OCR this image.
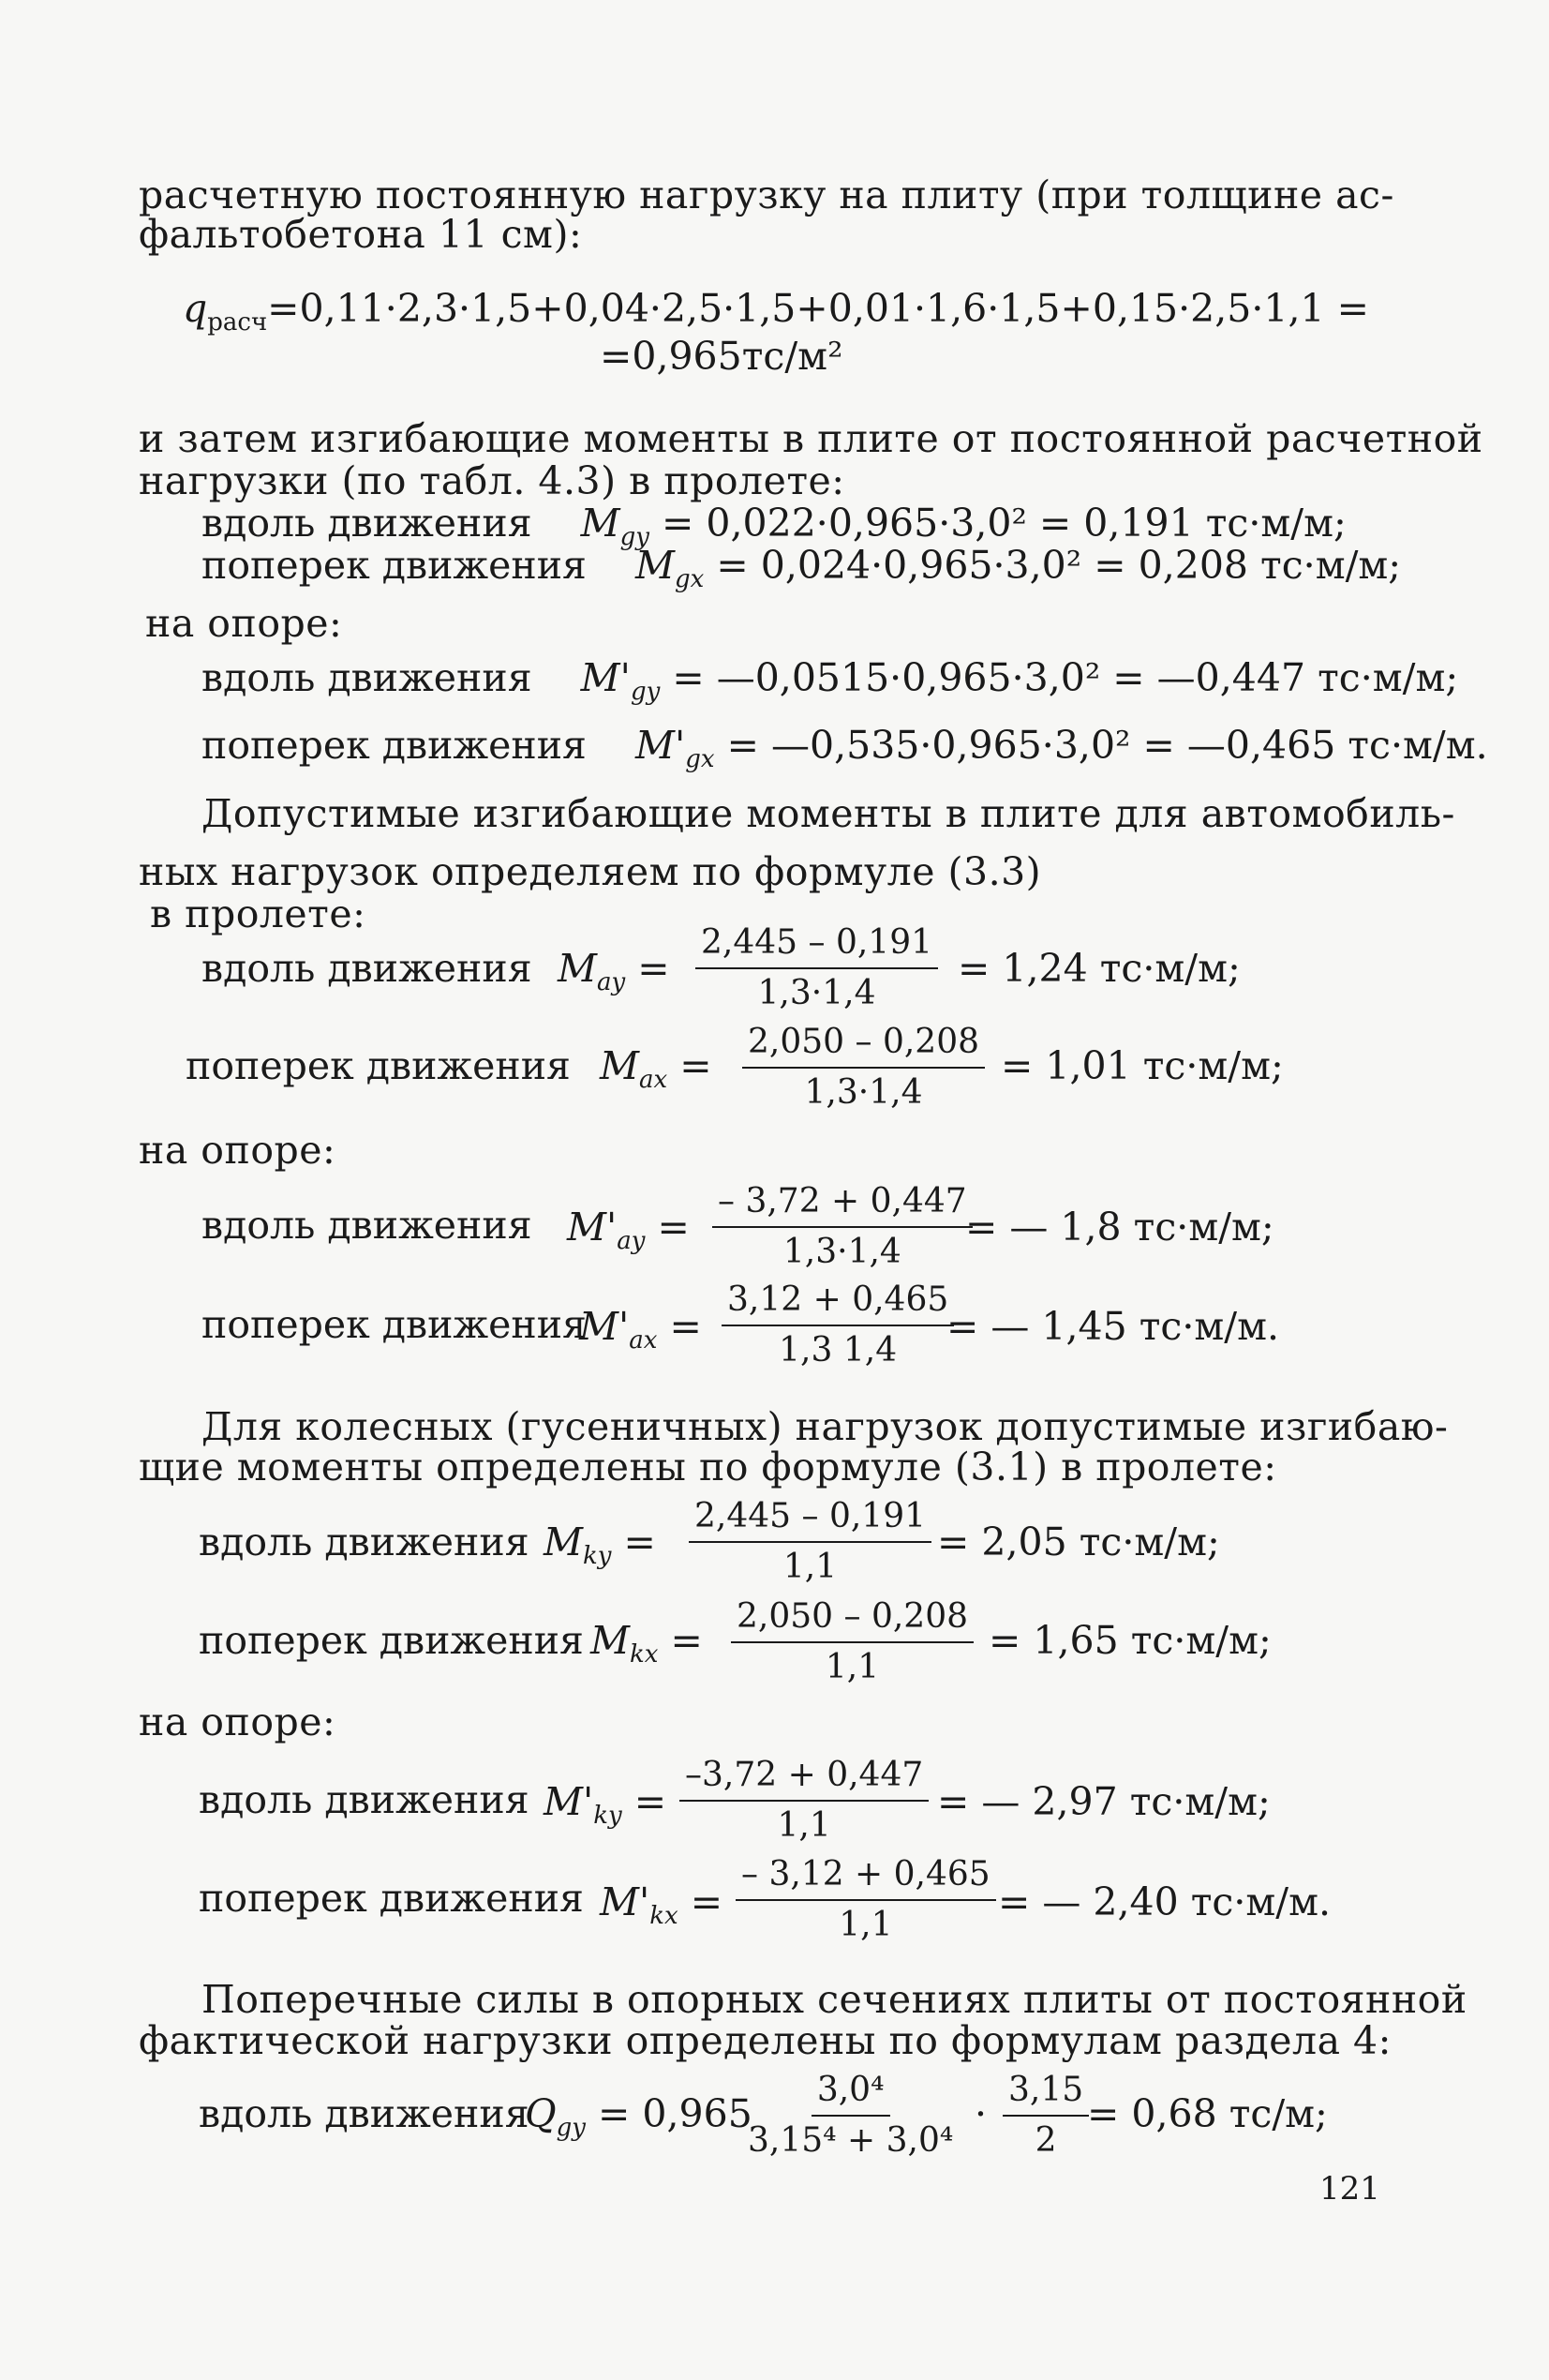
расчетную постоянную нагрузку на плиту (при толщине ас-
фальтобетона 11 см):
$q_{расч}=0,11\cdot 2,3\cdot 1,5+0,04\cdot 2,5\cdot 1,5+0,01\cdot 1,6\cdot 1,5+0,15\cdot 2,5\cdot 1,1$ =
=0,965тс/м²
и затем изгибающие моменты в плите от постоянной расчетной
нагрузки (по табл. 4.3) в пролете:
вдоль движения $M_{gy} = 0,022\cdot 0,965\cdot 3,0^2 = 0,191$ тс·м/м;
поперек движения $M_{gx} = 0,024\cdot 0,965\cdot 3,0^2 = 0,208$ тс·м/м;
на опоре:
вдоль движения $M'_{gy}$ = —0,0515·0,965·3,0² = —0,447 тс·м/м;
поперек движения $M'_{gx}$ = —0,535·0,965·3,0² = —0,465 тс·м/м.
Допустимые изгибающие моменты в плите для автомобиль-
ных нагрузок определяем по формуле (3.3)
в пролете:
вдоль движения $M_{ay} = \frac{2,445 - 0,191}{1,3\cdot 1,4} = 1,24$ тс·м/м;
поперек движения $M_{ax} = \frac{2,050 - 0,208}{1,3\cdot 1,4} = 1,01$ тс·м/м;
на опоре:
вдоль движения $M'_{ay} = \frac{- 3,72 + 0,447}{1,3\cdot 1,4}$
= — 1,8 тс·м/м;
поперек движения
$M'_{ax} = \frac{3,12 + 0,465}{1,3 1,4}$
= — 1,45 тс·м/м.
Для колесных (гусеничных) нагрузок допустимые изгибаю-
щие моменты определены по формуле (3.1) в пролете:
вдоль движения $M_{ky} = \frac{2,445 - 0,191}{1,1} = 2,05$ тс·м/м;
поперек движения $M_{kx} = \frac{2,050 - 0,208}{1,1} = 1,65$ тс·м/м;
на опоре:
вдоль движения $M'_{ky} = \frac{-3,72 + 0,447}{1,1}$ = — 2,97 тс·м/м;
поперек движения $M'_{kx} = \frac{- 3,12 + 0,465}{1,1}$ = — 2,40 тс·м/м.
Поперечные силы в опорных сечениях плиты от постоянной
фактической нагрузки определены по формулам раздела 4:
вдоль движения
$Q_{gy} = 0,965$
$\frac{\text{3,0⁴}}{\text{3,15⁴ + 3,0⁴}} \cdot \frac{3,15}{2}$
= 0,68 тс/м;
121
